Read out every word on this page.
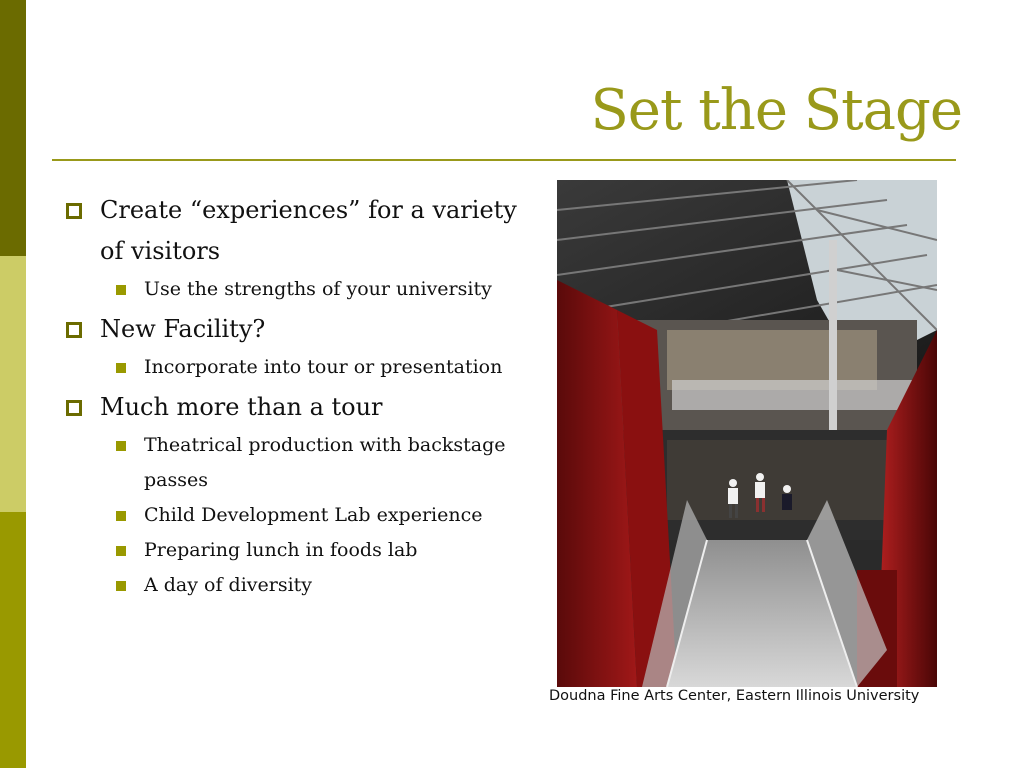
Set the Stage
Create “experiences” for a variety of visitors
Use the strengths of your university
New Facility?
Incorporate into tour or presentation
Much more than a tour
Theatrical production with backstage passes
Child Development Lab experience
Preparing lunch in foods lab
A day of diversity
Doudna Fine Arts Center, Eastern Illinois University
